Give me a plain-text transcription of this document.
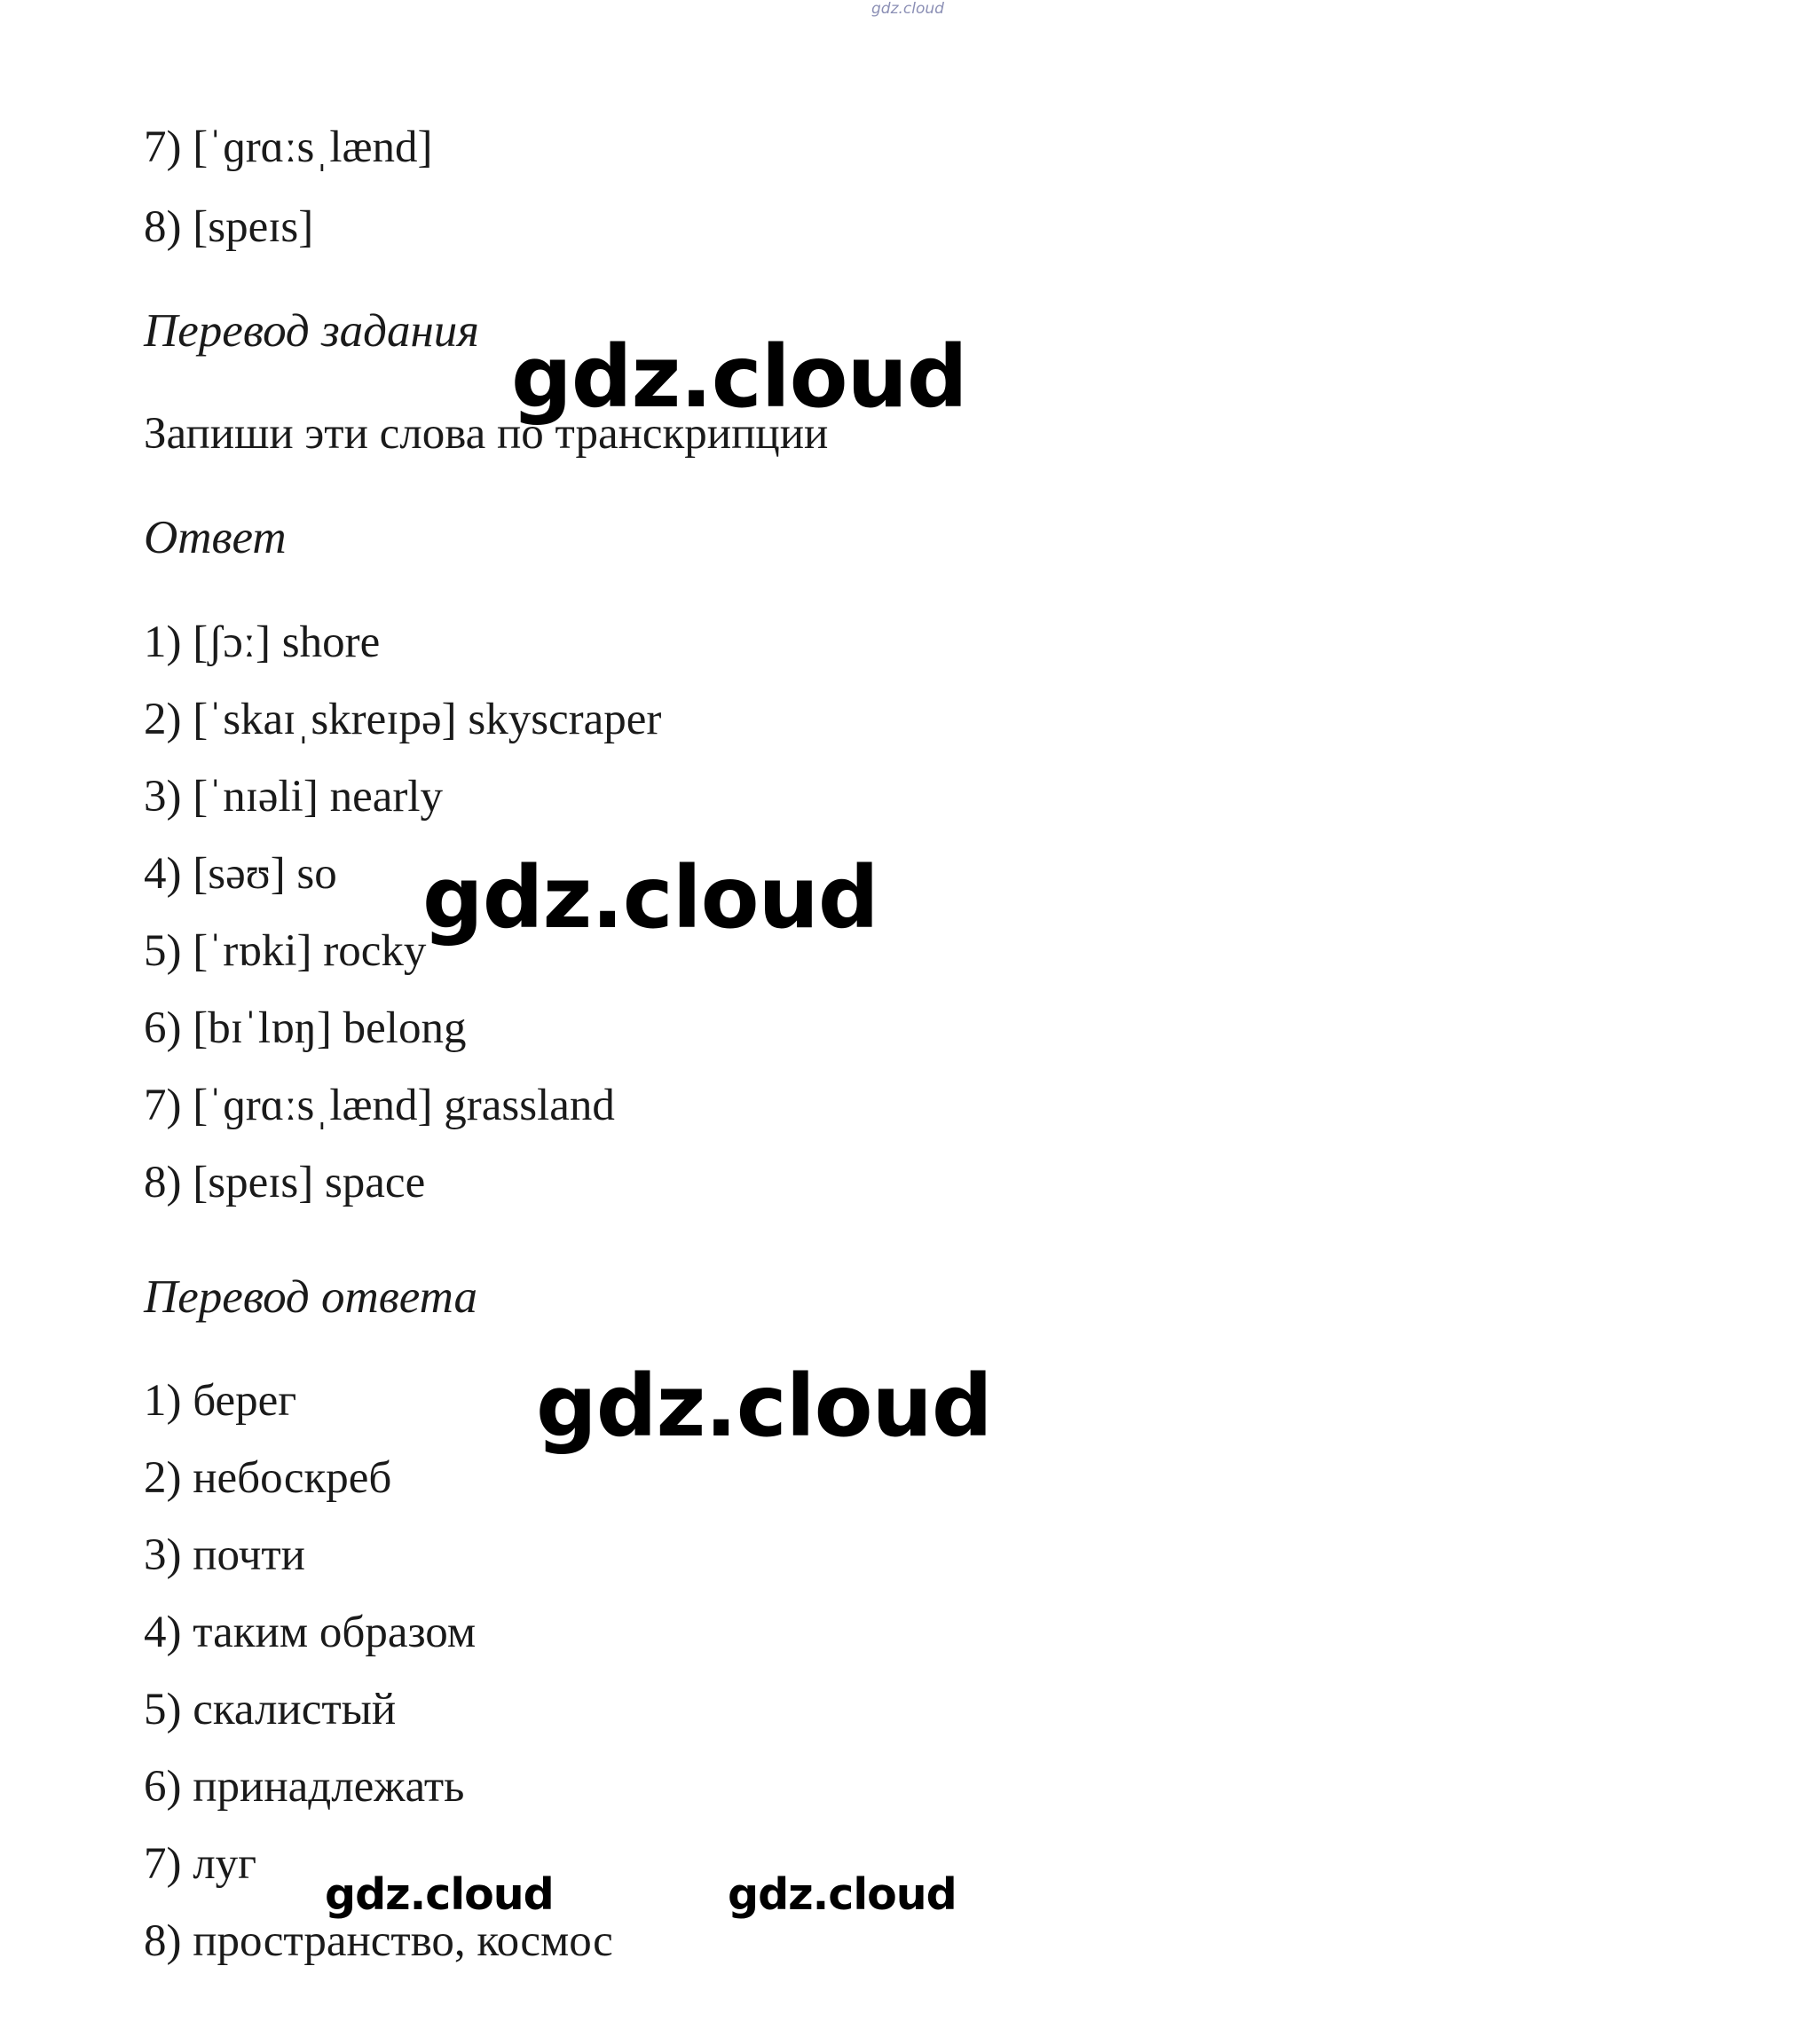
gdz.cloud
7) [ˈɡrɑːsˌlænd]
8) [speɪs]
Перевод задания
Запиши эти слова по транскрипции
Ответ
1) [ʃɔː] shore
2) [ˈskaɪˌskreɪpə] skyscraper
3) [ˈnɪəli] nearly
4) [səʊ] so
5) [ˈrɒki] rocky
6) [bɪˈlɒŋ] belong
7) [ˈɡrɑːsˌlænd] grassland
8) [speɪs] space
Перевод ответа
1) берег
2) небоскреб
3) почти
4) таким образом
5) скалистый
6) принадлежать
7) луг
8) пространство, космос
gdz.cloud
gdz.cloud
gdz.cloud
gdz.cloud	gdz.cloud
